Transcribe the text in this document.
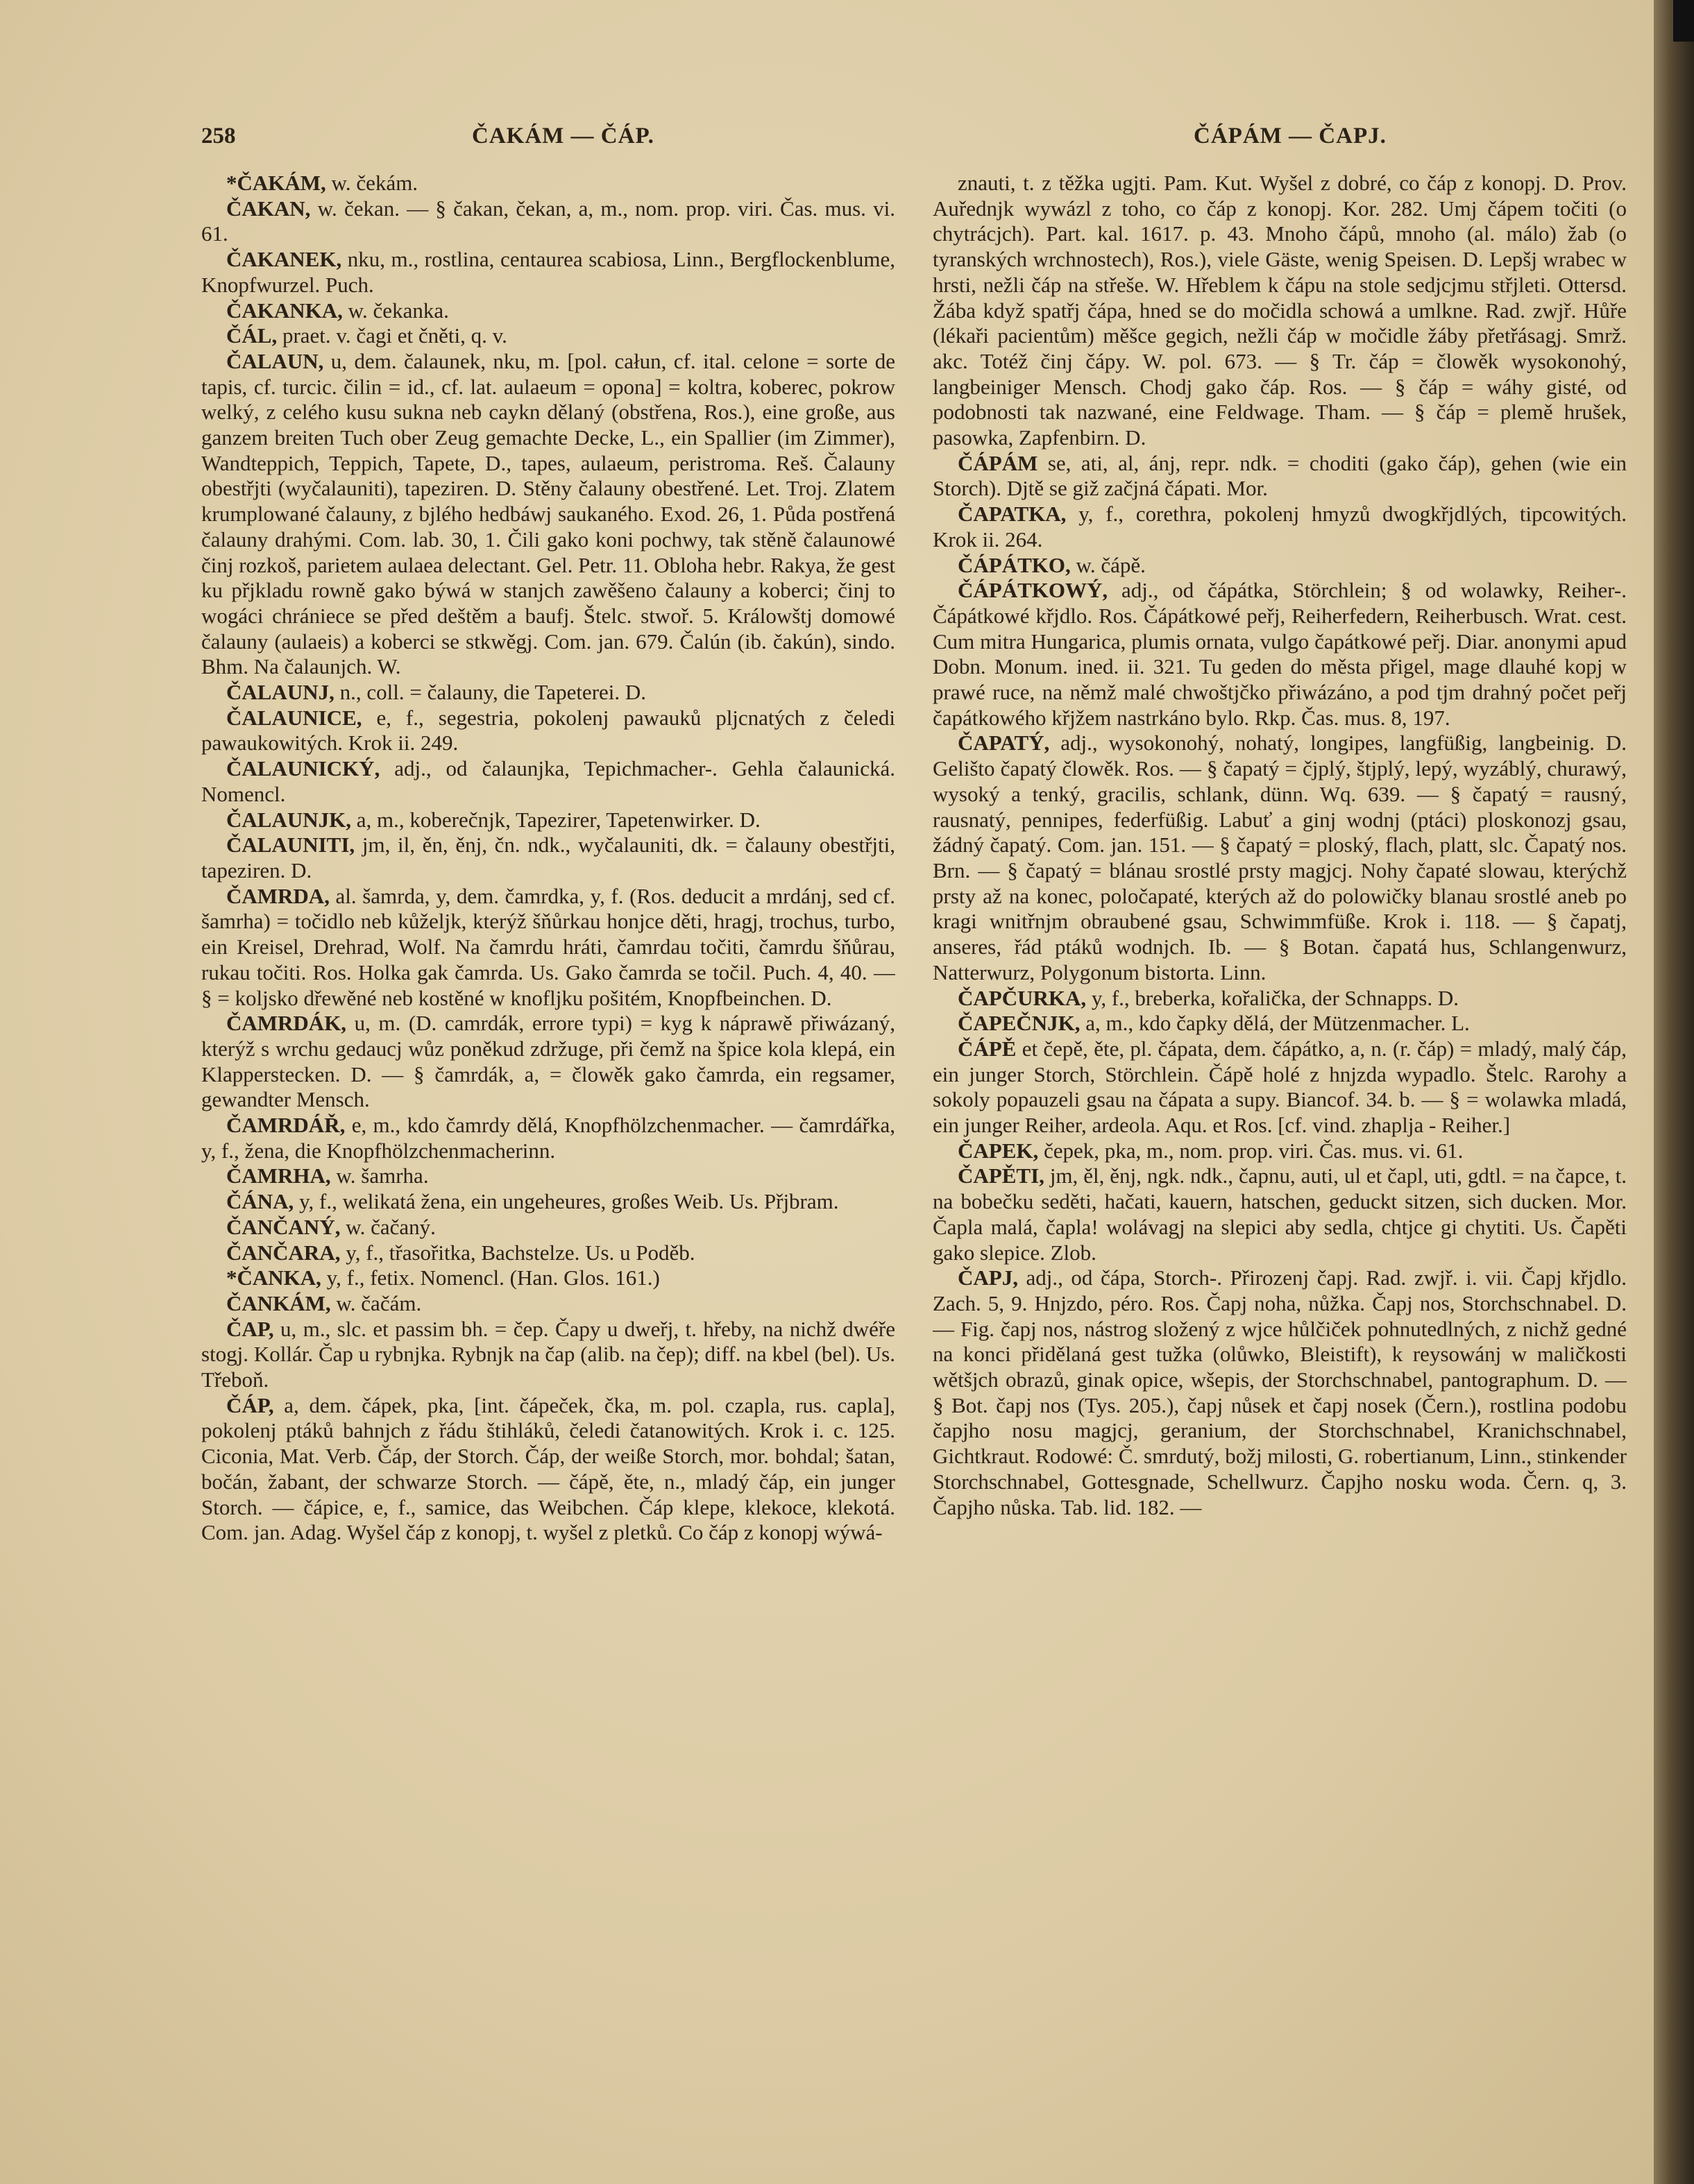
258	ČAKÁM — ČÁP.	ČÁPÁM — ČAPJ.

*ČAKÁM, w. čekám.

ČAKAN, w. čekan. — § čakan, čekan, a, m., nom. prop. viri. Čas. mus. vi. 61.

ČAKANEK, nku, m., rostlina, centaurea scabiosa, Linn., Bergflockenblume, Knopfwurzel. Puch.

ČAKANKA, w. čekanka.

ČÁL, praet. v. čagi et čněti, q. v.

ČALAUN, u, dem. čalaunek, nku, m. [pol. całun, cf. ital. celone = sorte de tapis, cf. turcic. čilin = id., cf. lat. aulaeum = opona] = koltra, koberec, pokrow welký, z celého kusu sukna neb caykn dělaný (obstřena, Ros.), eine große, aus ganzem breiten Tuch ober Zeug gemachte Decke, L., ein Spallier (im Zimmer), Wandteppich, Teppich, Tapete, D., tapes, aulaeum, peristroma. Reš. Čalauny obestřjti (wyčalauniti), tapeziren. D. Stěny čalauny obestřené. Let. Troj. Zlatem krumplowané čalauny, z bjlého hedbáwj saukaného. Exod. 26, 1. Půda postřená čalauny drahými. Com. lab. 30, 1. Čili gako koni pochwy, tak stěně čalaunowé činj rozkoš, parietem aulaea delectant. Gel. Petr. 11. Obloha hebr. Rakya, že gest ku přjkladu rowně gako býwá w stanjch zawěšeno čalauny a koberci; činj to wogáci chrániece se před deštěm a baufj. Štelc. stwoř. 5. Králowštj domowé čalauny (aulaeis) a koberci se stkwěgj. Com. jan. 679. Čalún (ib. čakún), sindo. Bhm. Na čalaunjch. W.

ČALAUNJ, n., coll. = čalauny, die Tapeterei. D.

ČALAUNICE, e, f., segestria, pokolenj pawauků pljcnatých z čeledi pawaukowitých. Krok ii. 249.

ČALAUNICKÝ, adj., od čalaunjka, Tepichmacher-. Gehla čalaunická. Nomencl.

ČALAUNJK, a, m., koberečnjk, Tapezirer, Tapetenwirker. D.

ČALAUNITI, jm, il, ěn, ěnj, čn. ndk., wyčalauniti, dk. = čalauny obestřjti, tapeziren. D.

ČAMRDA, al. šamrda, y, dem. čamrdka, y, f. (Ros. deducit a mrdánj, sed cf. šamrha) = točidlo neb kůželjk, kterýž šňůrkau honjce děti, hragj, trochus, turbo, ein Kreisel, Drehrad, Wolf. Na čamrdu hráti, čamrdau točiti, čamrdu šňůrau, rukau točiti. Ros. Holka gak čamrda. Us. Gako čamrda se točil. Puch. 4, 40. — § = koljsko dřewěné neb kostěné w knofljku pošitém, Knopfbeinchen. D.

ČAMRDÁK, u, m. (D. camrdák, errore typi) = kyg k náprawě přiwázaný, kterýž s wrchu gedaucj wůz poněkud zdržuge, při čemž na špice kola klepá, ein Klapperstecken. D. — § čamrdák, a, = člowěk gako čamrda, ein regsamer, gewandter Mensch.

ČAMRDÁŘ, e, m., kdo čamrdy dělá, Knopfhölzchenmacher. — čamrdářka, y, f., žena, die Knopfhölzchenmacherinn.

ČAMRHA, w. šamrha.

ČÁNA, y, f., welikatá žena, ein ungeheures, großes Weib. Us. Přjbram.

ČANČANÝ, w. čačaný.

ČANČARA, y, f., třasořitka, Bachstelze. Us. u Poděb.

*ČANKA, y, f., fetix. Nomencl. (Han. Glos. 161.)

ČANKÁM, w. čačám.

ČAP, u, m., slc. et passim bh. = čep. Čapy u dweřj, t. hřeby, na nichž dwéře stogj. Kollár. Čap u rybnjka. Rybnjk na čap (alib. na čep); diff. na kbel (bel). Us. Třeboň.

ČÁP, a, dem. čápek, pka, [int. čápeček, čka, m. pol. czapla, rus. capla], pokolenj ptáků bahnjch z řádu štihláků, čeledi čatanowitých. Krok i. c. 125. Ciconia, Mat. Verb. Čáp, der Storch. Čáp, der weiße Storch, mor. bohdal; šatan, bočán, žabant, der schwarze Storch. — čápě, ěte, n., mladý čáp, ein junger Storch. — čápice, e, f., samice, das Weibchen. Čáp klepe, klekoce, klekotá. Com. jan. Adag. Wyšel čáp z konopj, t. wyšel z pletků. Co čáp z konopj wýwá-

znauti, t. z těžka ugjti. Pam. Kut. Wyšel z dobré, co čáp z konopj. D. Prov. Auřednjk wywázl z toho, co čáp z konopj. Kor. 282. Umj čápem točiti (o chytrácjch). Part. kal. 1617. p. 43. Mnoho čápů, mnoho (al. málo) žab (o tyranských wrchnostech), Ros.), viele Gäste, wenig Speisen. D. Lepšj wrabec w hrsti, nežli čáp na střeše. W. Hřeblem k čápu na stole sedjcjmu střjleti. Ottersd. Žába když spatřj čápa, hned se do močidla schowá a umlkne. Rad. zwjř. Hůře (lékaři pacientům) měšce gegich, nežli čáp w močidle žáby přetřásagj. Smrž. akc. Totéž činj čápy. W. pol. 673. — § Tr. čáp = člowěk wysokonohý, langbeiniger Mensch. Chodj gako čáp. Ros. — § čáp = wáhy gisté, od podobnosti tak nazwané, eine Feldwage. Tham. — § čáp = plemě hrušek, pasowka, Zapfenbirn. D.

ČÁPÁM se, ati, al, ánj, repr. ndk. = choditi (gako čáp), gehen (wie ein Storch). Djtě se giž začjná čápati. Mor.

ČAPATKA, y, f., corethra, pokolenj hmyzů dwogkřjdlých, tipcowitých. Krok ii. 264.

ČÁPÁTKO, w. čápě.

ČÁPÁTKOWÝ, adj., od čápátka, Störchlein; § od wolawky, Reiher-. Čápátkowé křjdlo. Ros. Čápátkowé peřj, Reiherfedern, Reiherbusch. Wrat. cest. Cum mitra Hungarica, plumis ornata, vulgo čapátkowé peřj. Diar. anonymi apud Dobn. Monum. ined. ii. 321. Tu geden do města přigel, mage dlauhé kopj w prawé ruce, na němž malé chwoštjčko přiwázáno, a pod tjm drahný počet peřj čapátkowého křjžem nastrkáno bylo. Rkp. Čas. mus. 8, 197.

ČAPATÝ, adj., wysokonohý, nohatý, longipes, langfüßig, langbeinig. D. Gelišto čapatý člowěk. Ros. — § čapatý = čjplý, štjplý, lepý, wyzáblý, churawý, wysoký a tenký, gracilis, schlank, dünn. Wq. 639. — § čapatý = rausný, rausnatý, pennipes, federfüßig. Labuť a ginj wodnj (ptáci) ploskonozj gsau, žádný čapatý. Com. jan. 151. — § čapatý = ploský, flach, platt, slc. Čapatý nos. Brn. — § čapatý = blánau srostlé prsty magjcj. Nohy čapaté slowau, kterýchž prsty až na konec, poločapaté, kterých až do polowičky blanau srostlé aneb po kragi wnitřnjm obraubené gsau, Schwimmfüße. Krok i. 118. — § čapatj, anseres, řád ptáků wodnjch. Ib. — § Botan. čapatá hus, Schlangenwurz, Natterwurz, Polygonum bistorta. Linn.

ČAPČURKA, y, f., breberka, kořalička, der Schnapps. D.

ČAPEČNJK, a, m., kdo čapky dělá, der Mützenmacher. L.

ČÁPĚ et čepě, ěte, pl. čápata, dem. čápátko, a, n. (r. čáp) = mladý, malý čáp, ein junger Storch, Störchlein. Čápě holé z hnjzda wypadlo. Štelc. Rarohy a sokoly popauzeli gsau na čápata a supy. Biancof. 34. b. — § = wolawka mladá, ein junger Reiher, ardeola. Aqu. et Ros. [cf. vind. zhaplja - Reiher.]

ČAPEK, čepek, pka, m., nom. prop. viri. Čas. mus. vi. 61.

ČAPĚTI, jm, ěl, ěnj, ngk. ndk., čapnu, auti, ul et čapl, uti, gdtl. = na čapce, t. na bobečku seděti, hačati, kauern, hatschen, geduckt sitzen, sich ducken. Mor. Čapla malá, čapla! wolávagj na slepici aby sedla, chtjce gi chytiti. Us. Čapěti gako slepice. Zlob.

ČAPJ, adj., od čápa, Storch-. Přirozenj čapj. Rad. zwjř. i. vii. Čapj křjdlo. Zach. 5, 9. Hnjzdo, péro. Ros. Čapj noha, nůžka. Čapj nos, Storchschnabel. D. — Fig. čapj nos, nástrog složený z wjce hůlčiček pohnutedlných, z nichž gedné na konci přidělaná gest tužka (olůwko, Bleistift), k reysowánj w maličkosti wětšjch obrazů, ginak opice, wšepis, der Storchschnabel, pantographum. D. — § Bot. čapj nos (Tys. 205.), čapj nůsek et čapj nosek (Čern.), rostlina podobu čapjho nosu magjcj, geranium, der Storchschnabel, Kranichschnabel, Gichtkraut. Rodowé: Č. smrdutý, božj milosti, G. robertianum, Linn., stinkender Storchschnabel, Gottesgnade, Schellwurz. Čapjho nosku woda. Čern. q, 3. Čapjho nůska. Tab. lid. 182. —
